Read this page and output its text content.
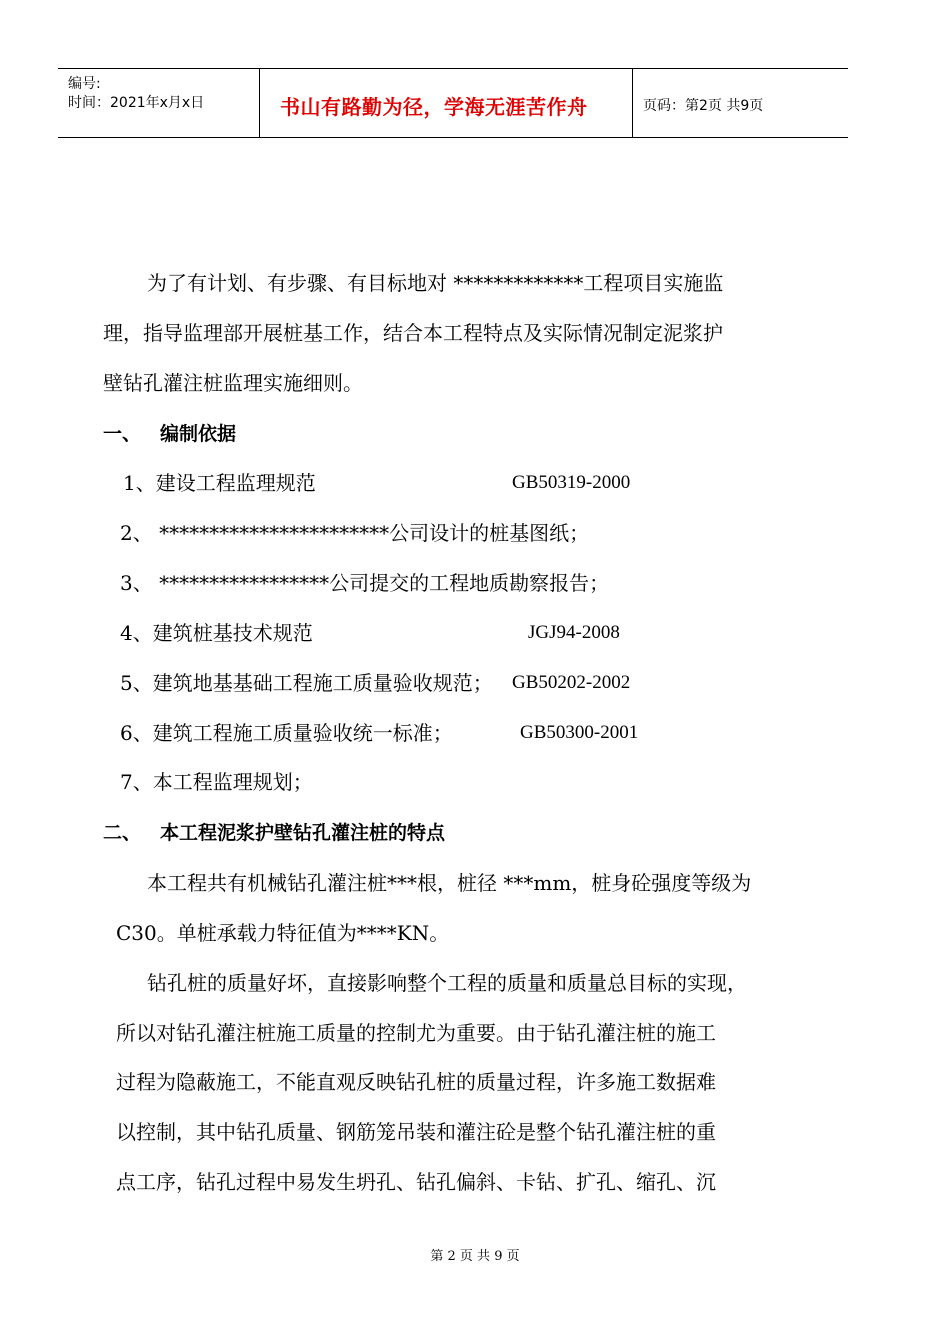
编号:
时间：2021年x月x日	书山有路勤为径，学海无涯苦作舟	页码：第2页 共9页
为了有计划、有步骤、有目标地对 *************工程项目实施监
理，指导监理部开展桩基工作，结合本工程特点及实际情况制定泥浆护
壁钻孔灌注桩监理实施细则。
一、 编制依据
1、建设工程监理规范	GB50319-2000
2、 ***********************公司设计的桩基图纸；
3、 *****************公司提交的工程地质勘察报告；
4、建筑桩基技术规范	JGJ94-2008
5、建筑地基基础工程施工质量验收规范； GB50202-2002
6、建筑工程施工质量验收统一标准；	GB50300-2001
7、本工程监理规划；
二、 本工程泥浆护壁钻孔灌注桩的特点
本工程共有机械钻孔灌注桩***根，桩径 ***mm，桩身砼强度等级为
C30。单桩承载力特征值为****KN。
钻孔桩的质量好坏，直接影响整个工程的质量和质量总目标的实现，
所以对钻孔灌注桩施工质量的控制尤为重要。由于钻孔灌注桩的施工
过程为隐蔽施工，不能直观反映钻孔桩的质量过程，许多施工数据难
以控制，其中钻孔质量、钢筋笼吊装和灌注砼是整个钻孔灌注桩的重
点工序，钻孔过程中易发生坍孔、钻孔偏斜、卡钻、扩孔、缩孔、沉
第 2 页 共 9 页
